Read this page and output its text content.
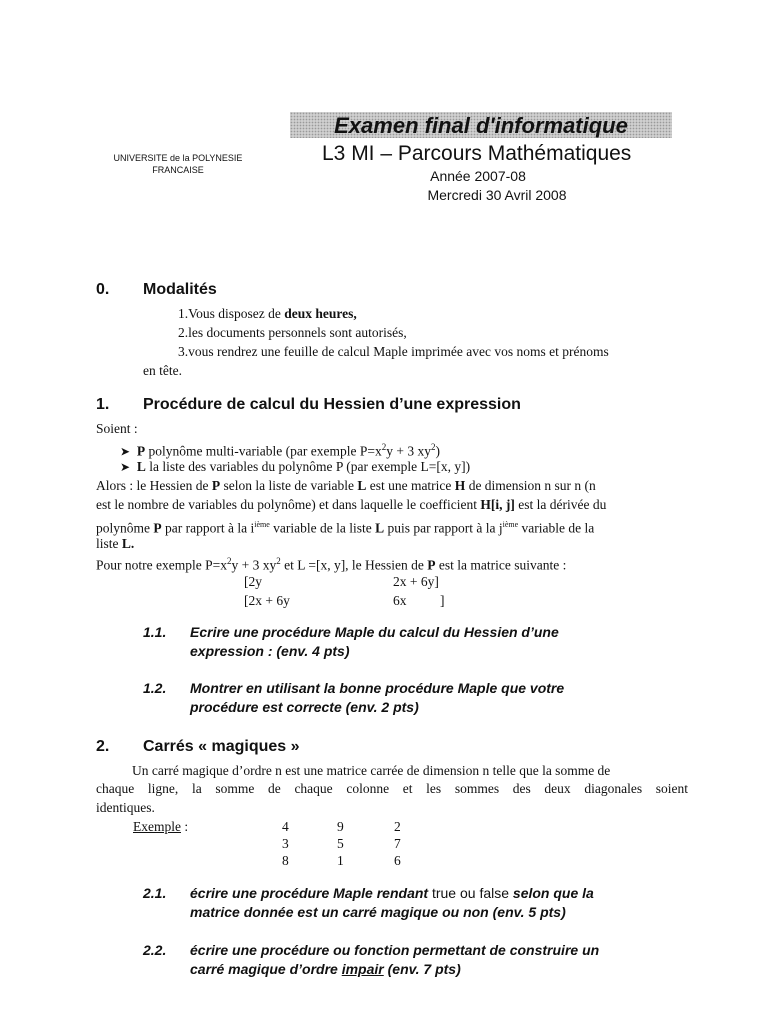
Examen final d'informatique
UNIVERSITE de la POLYNESIE
FRANCAISE
L3 MI – Parcours Mathématiques
Année 2007-08
Mercredi 30 Avril 2008
0. Modalités
1.Vous disposez de deux heures,
2.les documents personnels sont autorisés,
3.vous rendrez une feuille de calcul Maple imprimée avec vos noms et prénoms
en tête.
1. Procédure de calcul du Hessien d’une expression
Soient :
➤ P polynôme multi-variable (par exemple $P=x^2y + 3$ $xy^2$)
➤ L la liste des variables du polynôme P (par exemple L=[x, y])
Alors : le Hessien de P selon la liste de variable L est une matrice H de dimension n sur n (n
est le nombre de variables du polynôme) et dans laquelle le coefficient H[i, j] est la dérivée du
polynôme P par rapport à la $i^{ième}$ variable de la liste L puis par rapport à la $j^{ième}$ variable de la
liste L.
Pour notre exemple $P=x^2y + 3$ $xy^2$ et L =[x, y], le Hessien de P est la matrice suivante :
[2y	2x + 6y]
[2x + 6y	6x ]
1.1. Ecrire une procédure Maple du calcul du Hessien d’une
expression : (env. 4 pts)
1.2. Montrer en utilisant la bonne procédure Maple que votre
procédure est correcte (env. 2 pts)
2. Carrés « magiques »
Un carré magique d’ordre n est une matrice carrée de dimension n telle que la somme de
chaque ligne, la somme de chaque colonne et les sommes des deux diagonales soient
identiques.
Exemple :	4	9	2
3	5	7
8	1	6
2.1. écrire une procédure Maple rendant true ou false selon que la
matrice donnée est un carré magique ou non (env. 5 pts)
2.2. écrire une procédure ou fonction permettant de construire un
carré magique d’ordre impair (env. 7 pts)
